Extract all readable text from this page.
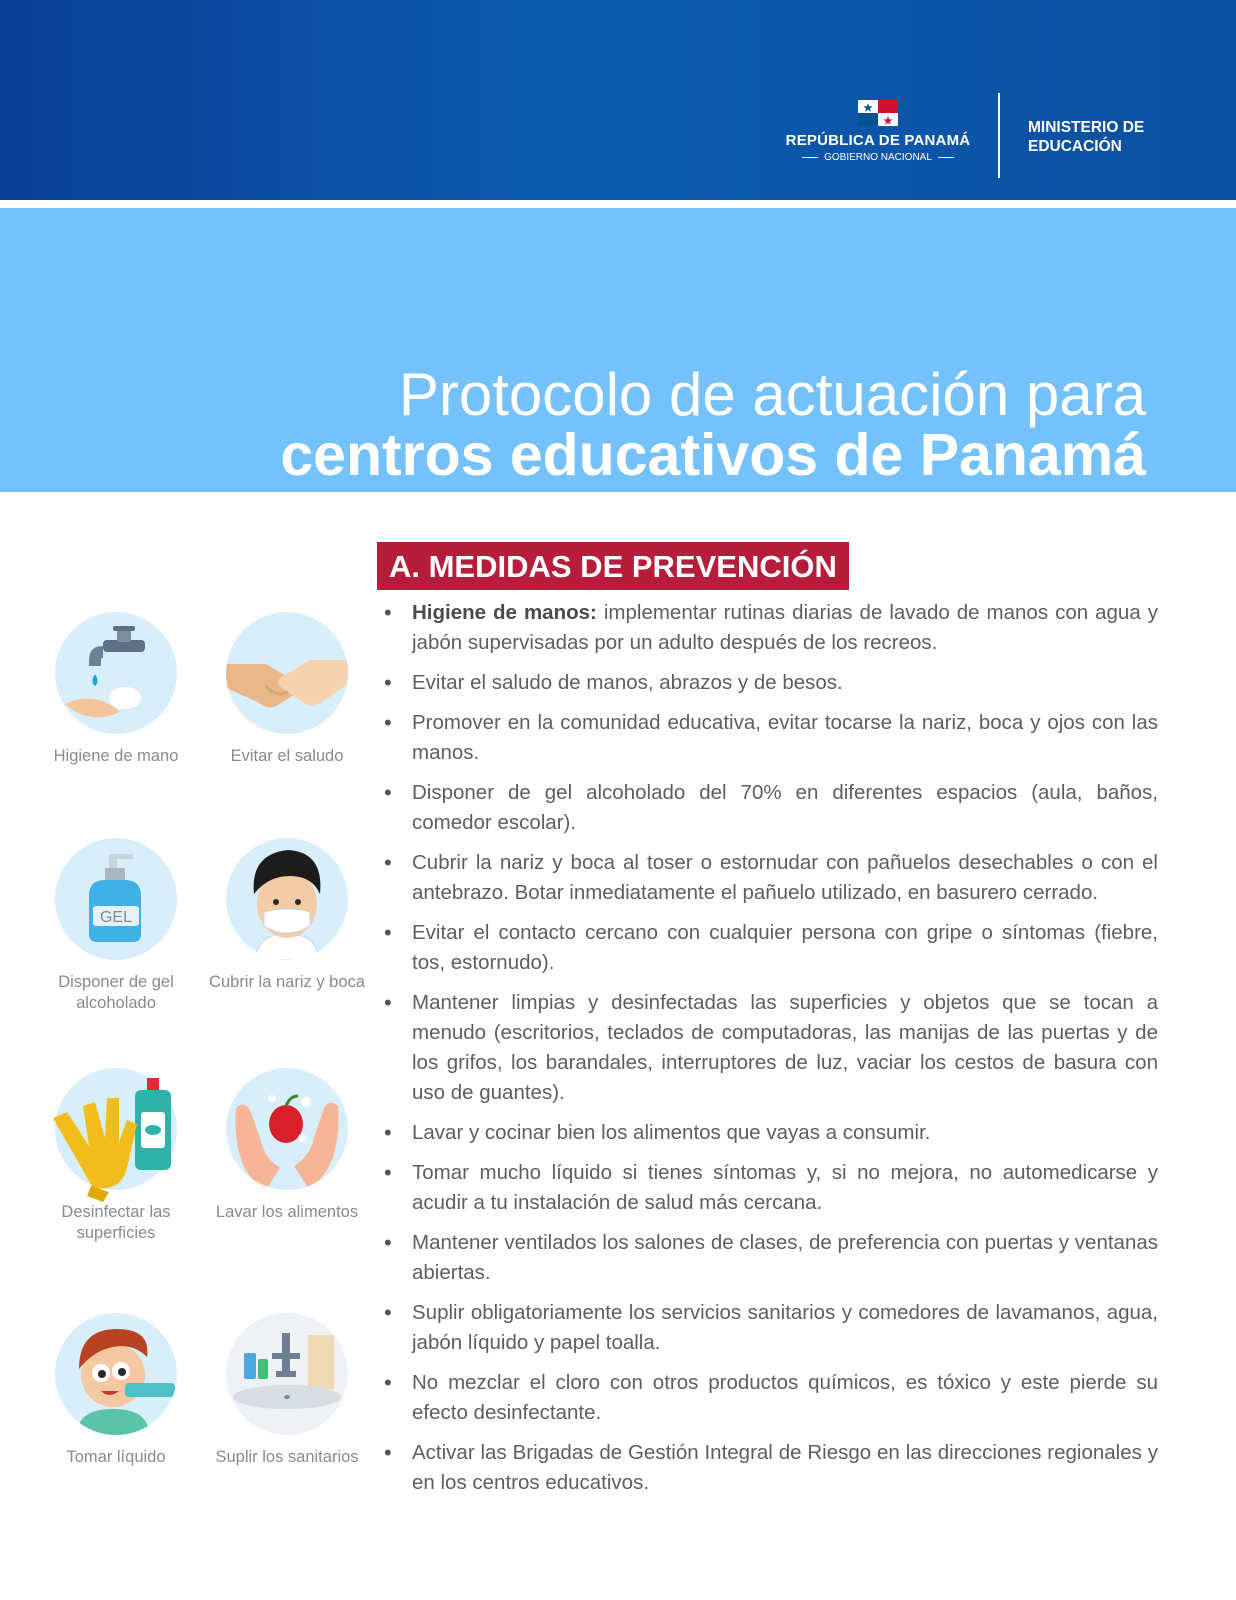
REPÚBLICA DE PANAMÁ
GOBIERNO NACIONAL
MINISTERIO DE
EDUCACIÓN
Protocolo de actuación para
centros educativos de Panamá
A. MEDIDAS DE PREVENCIÓN
• Higiene de manos: implementar rutinas diarias de lavado de manos con agua y jabón supervisadas por un adulto después de los recreos.
• Evitar el saludo de manos, abrazos y de besos.
• Promover en la comunidad educativa, evitar tocarse la nariz, boca y ojos con las manos.
• Disponer de gel alcoholado del 70% en diferentes espacios (aula, baños, comedor escolar).
• Cubrir la nariz y boca al toser o estornudar con pañuelos desechables o con el antebrazo. Botar inmediatamente el pañuelo utilizado, en basurero cerrado.
• Evitar el contacto cercano con cualquier persona con gripe o síntomas (fiebre, tos, estornudo).
• Mantener limpias y desinfectadas las superficies y objetos que se tocan a menudo (escritorios, teclados de computadoras, las manijas de las puertas y de los grifos, los barandales, interruptores de luz, vaciar los cestos de basura con uso de guantes).
• Lavar y cocinar bien los alimentos que vayas a consumir.
• Tomar mucho líquido si tienes síntomas y, si no mejora, no automedicarse y acudir a tu instalación de salud más cercana.
• Mantener ventilados los salones de clases, de preferencia con puertas y ventanas abiertas.
• Suplir obligatoriamente los servicios sanitarios y comedores de lavamanos, agua, jabón líquido y papel toalla.
• No mezclar el cloro con otros productos químicos, es tóxico y este pierde su efecto desinfectante.
• Activar las Brigadas de Gestión Integral de Riesgo en las direcciones regionales y en los centros educativos.
Higiene de mano	Evitar el saludo
GEL
Disponer de gel alcoholado
Cubrir la nariz y boca
Desinfectar las superficies
Lavar los alimentos
Tomar líquido	Suplir los sanitarios
